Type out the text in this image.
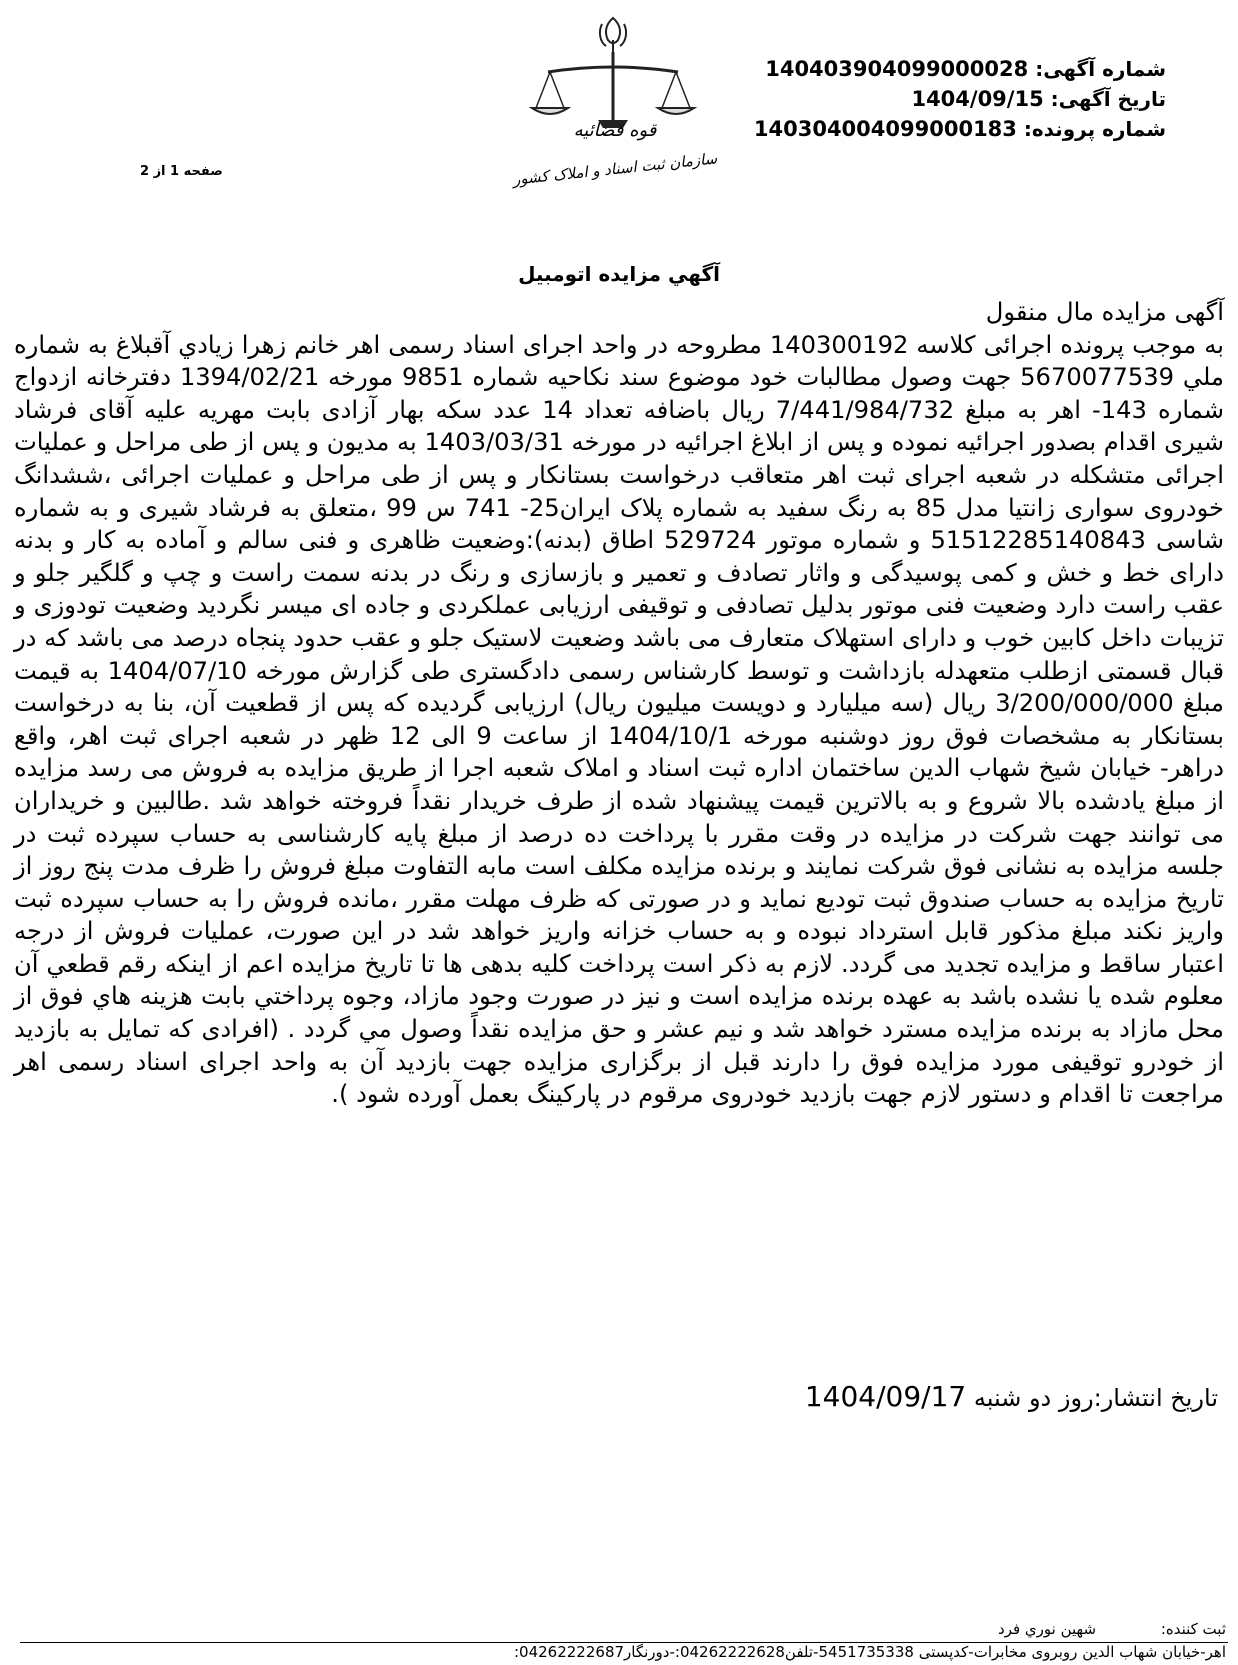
قوه قضائیه
سازمان ثبت اسناد و املاک کشور
شماره آگهی: 140403904099000028
تاریخ آگهی: 1404/09/15
شماره پرونده: 140304004099000183
صفحه 1 از 2
آگهي مزايده اتومبيل
آگهی مزایده مال منقول

به موجب پرونده اجرائی کلاسه 140300192 مطروحه در واحد اجرای اسناد رسمی اهر خانم زهرا زيادي آقبلاغ به شماره ملي 5670077539 جهت وصول مطالبات خود موضوع سند نکاحیه شماره 9851 مورخه 1394/02/21 دفترخانه ازدواج شماره 143- اهر به مبلغ 7/441/984/732 ریال باضافه تعداد 14 عدد سکه بهار آزادی بابت مهریه علیه آقای فرشاد شیری اقدام بصدور اجرائیه نموده و پس از ابلاغ اجرائیه در مورخه 1403/03/31 به مدیون و پس از طی مراحل و عملیات اجرائی متشکله در شعبه اجرای ثبت اهر متعاقب درخواست بستانکار و پس از طی مراحل و عملیات اجرائی ،ششدانگ خودروی سواری زانتیا مدل 85 به رنگ سفید به شماره پلاک ایران25- 741 س 99 ،متعلق به فرشاد شیری و به شماره شاسی 51512285140843 و شماره موتور 529724 اطاق (بدنه):وضعیت ظاهری و فنی سالم و آماده به کار و بدنه دارای خط و خش و کمی پوسیدگی و واثار تصادف و تعمیر و بازسازی و رنگ در بدنه سمت راست و چپ و گلگیر جلو و عقب راست دارد وضعیت فنی موتور بدلیل تصادفی و توقیفی ارزیابی عملکردی و جاده ای میسر نگردید وضعیت تودوزی و تزیبات داخل کابین خوب و دارای استهلاک متعارف می باشد وضعیت لاستیک جلو و عقب حدود پنجاه درصد می باشد که در قبال قسمتی ازطلب متعهدله بازداشت و توسط کارشناس رسمی دادگستری طی گزارش مورخه 1404/07/10 به قیمت مبلغ 3/200/000/000 ریال (سه میلیارد و دویست میلیون ریال) ارزیابی گردیده که پس از قطعیت آن، بنا به درخواست بستانکار به مشخصات فوق روز دوشنبه مورخه 1404/10/1 از ساعت 9 الی 12 ظهر در شعبه اجرای ثبت اهر، واقع دراهر- خیابان شیخ شهاب الدین ساختمان اداره ثبت اسناد و املاک شعبه اجرا از طریق مزایده به فروش می رسد مزایده از مبلغ یادشده بالا شروع و به بالاترین قیمت پیشنهاد شده از طرف خریدار نقداً فروخته خواهد شد .طالبین و خریداران می توانند جهت شرکت در مزایده در وقت مقرر با پرداخت ده درصد از مبلغ پایه کارشناسی به حساب سپرده ثبت در جلسه مزایده به نشانی فوق شرکت نمایند و برنده مزایده مکلف است مابه التفاوت مبلغ فروش را ظرف مدت پنج روز از تاریخ مزایده به حساب صندوق ثبت تودیع نماید و در صورتی که ظرف مهلت مقرر ،مانده فروش را به حساب سپرده ثبت واریز نکند مبلغ مذکور قابل استرداد نبوده و به حساب خزانه واریز خواهد شد در این صورت، عملیات فروش از درجه اعتبار ساقط و مزایده تجدید می گردد. لازم به ذکر است پرداخت کلیه بدهی ها تا تاریخ مزایده اعم از اینکه رقم قطعي آن معلوم شده یا نشده باشد به عهده برنده مزایده است و نیز در صورت وجود مازاد، وجوه پرداختي بابت هزينه هاي فوق از محل مازاد به برنده مزايده مسترد خواهد شد و نيم عشر و حق مزايده نقداً وصول مي گردد . (افرادی که تمایل به بازدید از خودرو توقیفی مورد مزایده فوق را دارند قبل از برگزاری مزایده جهت بازدید آن به واحد اجرای اسناد رسمی اهر مراجعت تا اقدام و دستور لازم جهت بازدید خودروی مرقوم در پارکینگ بعمل آورده شود ).

تاریخ انتشار:روز دو شنبه 1404/09/17
ثبت کننده: شهين نوري فرد
اهر-خیابان شهاب الدین روبروی مخابرات-کدپستی 5451735338-تلفن04262222628:-دورنگار04262222687:
